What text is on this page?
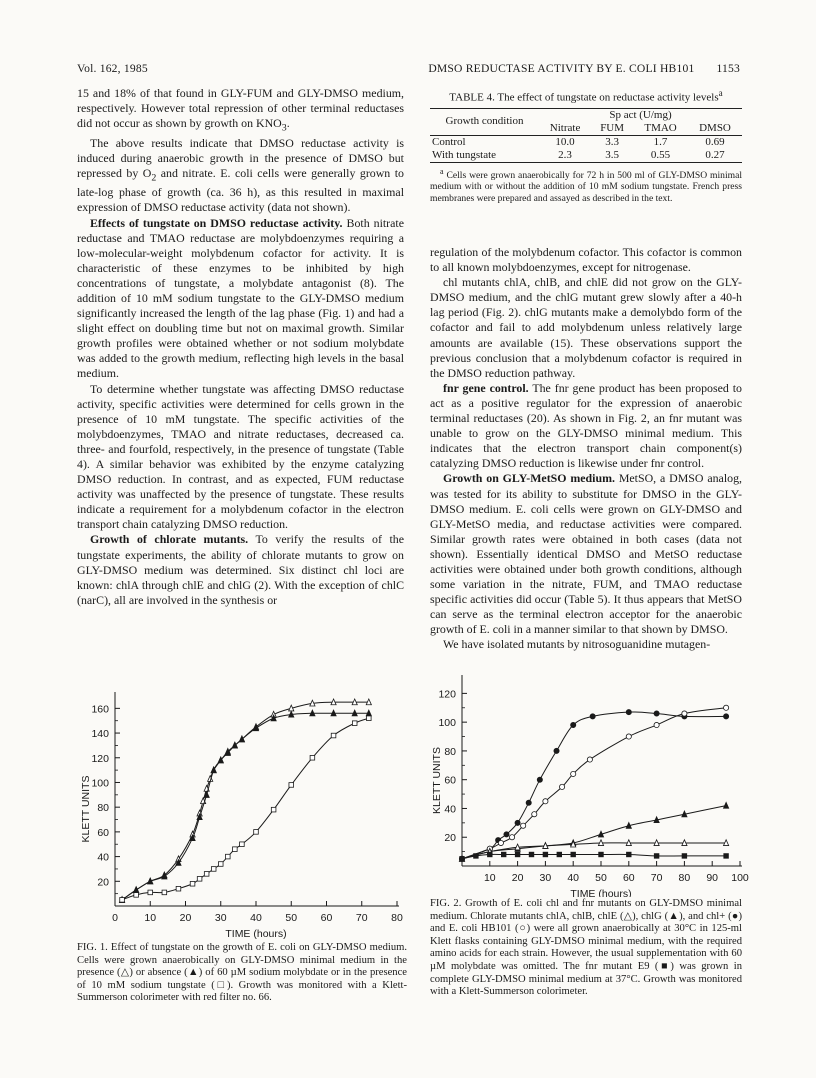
Vol. 162, 1985	DMSO REDUCTASE ACTIVITY BY E. COLI HB101 1153

15 and 18% of that found in GLY-FUM and GLY-DMSO medium, respectively. However total repression of other terminal reductases did not occur as shown by growth on $KNO_3$.

The above results indicate that DMSO reductase activity is induced during anaerobic growth in the presence of DMSO but repressed by $O_2$ and nitrate. E. coli cells were generally grown to late-log phase of growth (ca. 36 h), as this resulted in maximal expression of DMSO reductase activity (data not shown).

Effects of tungstate on DMSO reductase activity. Both nitrate reductase and TMAO reductase are molybdoenzymes requiring a low-molecular-weight molybdenum cofactor for activity. It is characteristic of these enzymes to be inhibited by high concentrations of tungstate, a molybdate antagonist (8). The addition of 10 mM sodium tungstate to the GLY-DMSO medium significantly increased the length of the lag phase (Fig. 1) and had a slight effect on doubling time but not on maximal growth. Similar growth profiles were obtained whether or not sodium molybdate was added to the growth medium, reflecting high levels in the basal medium.

To determine whether tungstate was affecting DMSO reductase activity, specific activities were determined for cells grown in the presence of 10 mM tungstate. The specific activities of the molybdoenzymes, TMAO and nitrate reductases, decreased ca. three- and fourfold, respectively, in the presence of tungstate (Table 4). A similar behavior was exhibited by the enzyme catalyzing DMSO reduction. In contrast, and as expected, FUM reductase activity was unaffected by the presence of tungstate. These results indicate a requirement for a molybdenum cofactor in the electron transport chain catalyzing DMSO reduction.

Growth of chlorate mutants. To verify the results of the tungstate experiments, the ability of chlorate mutants to grow on GLY-DMSO medium was determined. Six distinct chl loci are known: chlA through chlE and chlG (2). With the exception of chlC (narC), all are involved in the synthesis or

TABLE 4. The effect of tungstate on reductase activity levels$^a$
Growth condition	Sp act (U/mg)			
	Nitrate	FUM	TMAO	DMSO
Control	10.0	3.3	1.7	0.69
With tungstate	2.3	3.5	0.55	0.27
$^a$ Cells were grown anaerobically for 72 h in 500 ml of GLY-DMSO minimal medium with or without the addition of 10 mM sodium tungstate. French press membranes were prepared and assayed as described in the text.

regulation of the molybdenum cofactor. This cofactor is common to all known molybdoenzymes, except for nitrogenase.

chl mutants chlA, chlB, and chlE did not grow on the GLY-DMSO medium, and the chlG mutant grew slowly after a 40-h lag period (Fig. 2). chlG mutants make a demolybdo form of the cofactor and fail to add molybdenum unless relatively large amounts are available (15). These observations support the previous conclusion that a molybdenum cofactor is required in the DMSO reduction pathway.

fnr gene control. The fnr gene product has been proposed to act as a positive regulator for the expression of anaerobic terminal reductases (20). As shown in Fig. 2, an fnr mutant was unable to grow on the GLY-DMSO minimal medium. This indicates that the electron transport chain component(s) catalyzing DMSO reduction is likewise under fnr control.

Growth on GLY-MetSO medium. MetSO, a DMSO analog, was tested for its ability to substitute for DMSO in the GLY-DMSO medium. E. coli cells were grown on GLY-DMSO and GLY-MetSO media, and reductase activities were compared. Similar growth rates were obtained in both cases (data not shown). Essentially identical DMSO and MetSO reductase activities were obtained under both growth conditions, although some variation in the nitrate, FUM, and TMAO reductase specific activities did occur (Table 5). It thus appears that MetSO can serve as the terminal electron acceptor for the anaerobic growth of E. coli in a manner similar to that shown by DMSO.

We have isolated mutants by nitrosoguanidine mutagen-

20
40
60
80
100
120
140
160
0	10 20 30 40 50 60 70 80
TIME (hours)
KLETT UNITS
FIG. 1. Effect of tungstate on the growth of E. coli on GLY-DMSO medium. Cells were grown anaerobically on GLY-DMSO minimal medium in the presence (△) or absence (▲) of 60 µM sodium molybdate or in the presence of 10 mM sodium tungstate (□). Growth was monitored with a Klett-Summerson colorimeter with red filter no. 66.
20
40
60
80
100
120
10 20 30 40 50 60 70 80 90 100
TIME (hours)
KLETT UNITS
FIG. 2. Growth of E. coli chl and fnr mutants on GLY-DMSO minimal medium. Chlorate mutants chlA, chlB, chlE (△), chlG (▲), and chl+ (●) and E. coli HB101 (○) were all grown anaerobically at 30°C in 125-ml Klett flasks containing GLY-DMSO minimal medium, with the required amino acids for each strain. However, the usual supplementation with 60 µM molybdate was omitted. The fnr mutant E9 (■) was grown in complete GLY-DMSO minimal medium at 37°C. Growth was monitored with a Klett-Summerson colorimeter.
